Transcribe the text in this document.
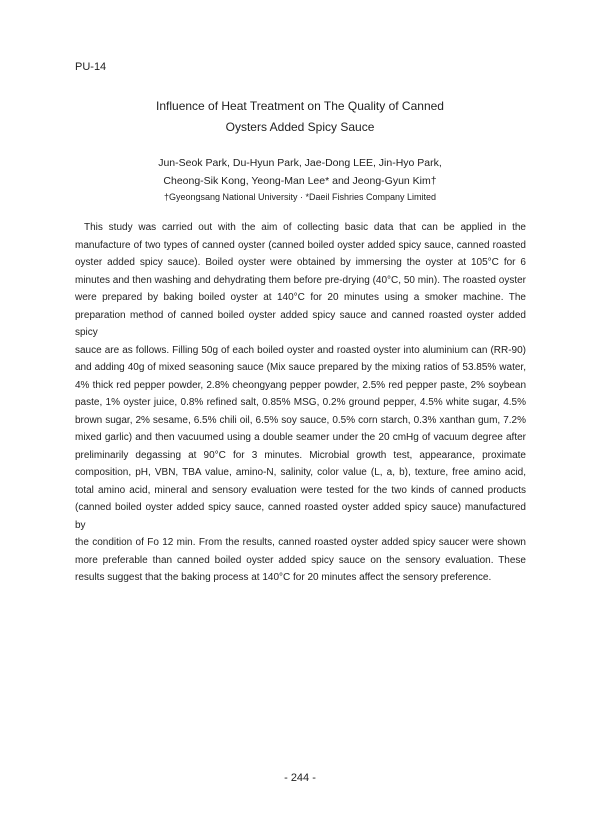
PU-14

Influence of Heat Treatment on The Quality of Canned
Oysters Added Spicy Sauce

Jun-Seok Park, Du-Hyun Park, Jae-Dong LEE, Jin-Hyo Park,
Cheong-Sik Kong, Yeong-Man Lee* and Jeong-Gyun Kim†

†Gyeongsang National University · *Daeil Fishries Company Limited

This study was carried out with the aim of collecting basic data that can be applied in the
manufacture of two types of canned oyster (canned boiled oyster added spicy sauce, canned roasted
oyster added spicy sauce). Boiled oyster were obtained by immersing the oyster at 105°C for 6
minutes and then washing and dehydrating them before pre-drying (40°C, 50 min). The roasted oyster
were prepared by baking boiled oyster at 140°C for 20 minutes using a smoker machine. The
preparation method of canned boiled oyster added spicy sauce and canned roasted oyster added spicy
sauce are as follows. Filling 50g of each boiled oyster and roasted oyster into aluminium can (RR-90)
and adding 40g of mixed seasoning sauce (Mix sauce prepared by the mixing ratios of 53.85% water,
4% thick red pepper powder, 2.8% cheongyang pepper powder, 2.5% red pepper paste, 2% soybean
paste, 1% oyster juice, 0.8% refined salt, 0.85% MSG, 0.2% ground pepper, 4.5% white sugar, 4.5%
brown sugar, 2% sesame, 6.5% chili oil, 6.5% soy sauce, 0.5% corn starch, 0.3% xanthan gum, 7.2%
mixed garlic) and then vacuumed using a double seamer under the 20 cmHg of vacuum degree after
preliminarily degassing at 90°C for 3 minutes. Microbial growth test, appearance, proximate
composition, pH, VBN, TBA value, amino-N, salinity, color value (L, a, b), texture, free amino acid,
total amino acid, mineral and sensory evaluation were tested for the two kinds of canned products
(canned boiled oyster added spicy sauce, canned roasted oyster added spicy sauce) manufactured by
the condition of Fo 12 min. From the results, canned roasted oyster added spicy saucer were shown
more preferable than canned boiled oyster added spicy sauce on the sensory evaluation. These
results suggest that the baking process at 140°C for 20 minutes affect the sensory preference.

- 244 -
